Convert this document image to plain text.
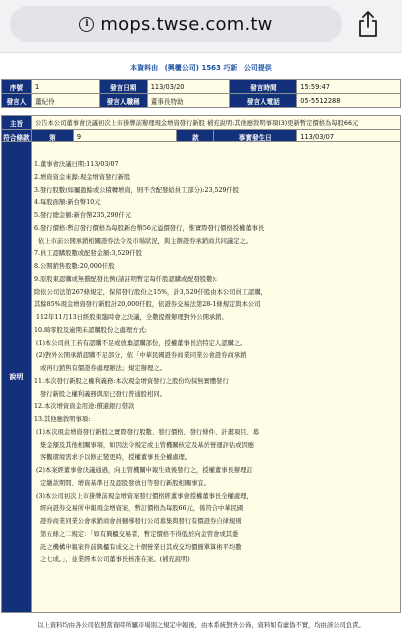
i mops.twse.com.tw
本資料由 (興櫃公司) 1563 巧新 公司提供
序號	1	發言日期	113/03/20	發言時間	15:59:47
發言人	蕭紀伶	發言人職稱	董事長特助	發言人電話	05-5512288
主旨	公告本公司董事會決議初次上市掛牌前辦理現金增資發行新股 補充說明:其他應敘明事項(3)更新暫定價格為每股66元				
符合條款	第	9	款	事實發生日	113/03/07
說明
1.董事會決議日期:113/03/07
2.增資資金來源:現金增資發行新股
3.發行股數(如屬盈餘或公積轉增資，則不含配發給員工部分):23,529仟股
4.每股面額:新台幣10元
5.發行總金額:新台幣235,290仟元
6.發行價格:暫訂發行價格為每股新台幣56元溢價發行，惟實際發行價格授權董事長
依上市前公開承銷相關證券法令及市場狀況，與主辦證券承銷商共同議定之。
7.員工認購股數或配發金額:3,529仟股
8.公開銷售股數:20,000仟股
9.原股東認購或無償配發比例(請註明暫定每仟股認購或配發股數):
除依公司法第267條規定，保留發行股份之15%，計3,529仟股由本公司員工認購，
其餘85%現金增資發行新股計20,000仟股，依證券交易法第28-1條規定與本公司
112年11月13日經股東臨時會之決議，全數提撥辦理對外公開承銷。
10.畸零股及逾期未認購股份之處理方式:
(1)本公司員工若有認購不足或放棄認購部份，授權董事長洽特定人認購之。
(2)對外公開承銷認購不足部分，依「中華民國證券商業同業公會證券商承銷
或再行銷售有價證券處理辦法」規定辦理之。
11.本次發行新股之權利義務:本次現金增資發行之股份均採無實體發行
發行新股之權利義務與原已發行普通股相同。
12.本次增資資金用途:償還銀行借款
13.其他應敘明事項:
(1)本次現金增資發行新股之實際發行股數、發行價格、發行條件、計畫項目、募
集金額及其他相關事項，如因法令規定或主管機關核定及基於營運評估或因應
客觀環境需求予以修正變更時，授權董事長全權處理。
(2)本案經董事會決議通過，向主管機關申報生效後發行之，授權董事長辦理訂
定繳款期間、增資基準日及認股發放日等發行新股相關事宜。
(3)本公司初次上市掛牌前現金增資案發行價格經董事會授權董事長全權處理，
經向證券交易所申報現金增資案，暫訂價格為每股66元，係符合中華民國
證券商業同業公會承銷商會員輔導發行公司募集與發行有價證券自律規則
第五條之二規定：「如有興櫃交易者，暫定價格不得低於向金管會或其委
託之機構申報案件前興櫃有成交之十個營業日其成交均價簡單算術平均數
之七成。」，並業經本公司董事長核准在案。(補充說明)
以上資料均由各公司依照當資時所屬市場別之規定申報後，由本系統對外公佈，資料如有虛偽不實，均由該公司負責。
